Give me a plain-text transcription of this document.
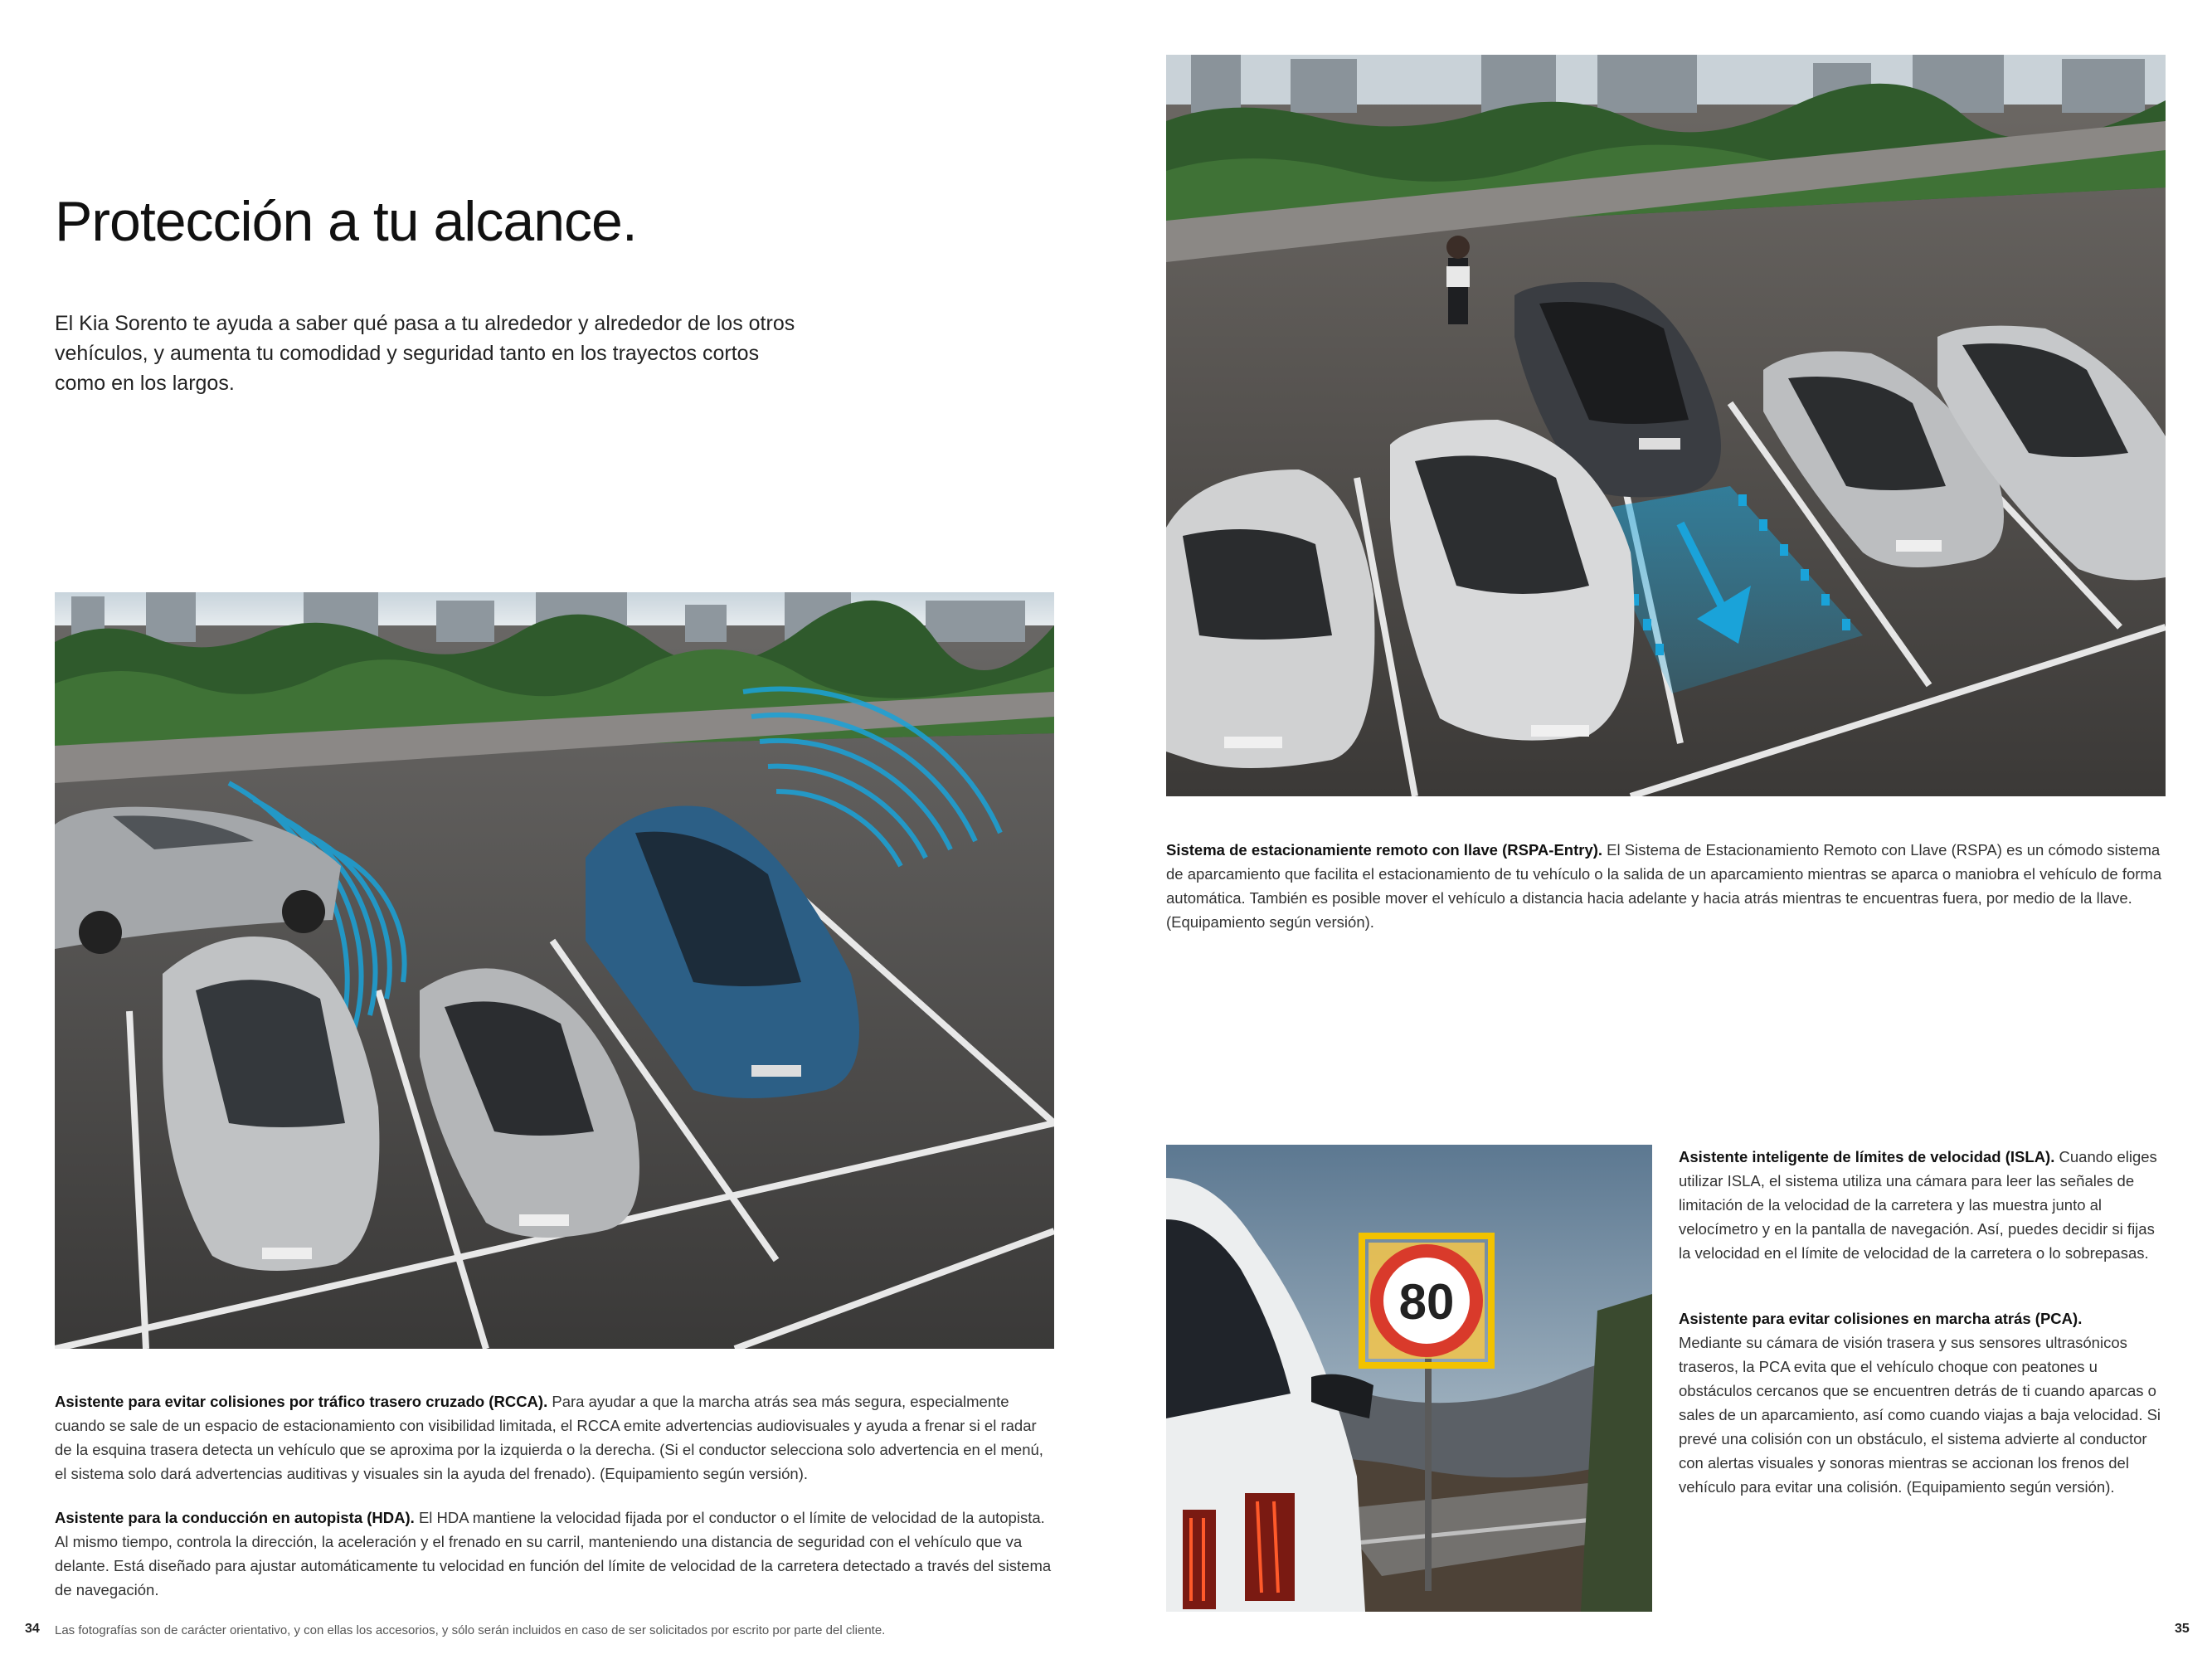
Protección a tu alcance.
El Kia Sorento te ayuda a saber qué pasa a tu alrededor y alrededor de los otros vehículos, y aumenta tu comodidad y seguridad tanto en los trayectos cortos como en los largos.
Asistente para evitar colisiones por tráfico trasero cruzado (RCCA). Para ayudar a que la marcha atrás sea más segura, especialmente cuando se sale de un espacio de estacionamiento con visibilidad limitada, el RCCA emite advertencias audiovisuales y ayuda a frenar si el radar de la esquina trasera detecta un vehículo que se aproxima por la izquierda o la derecha. (Si el conductor selecciona solo advertencia en el menú, el sistema solo dará advertencias auditivas y visuales sin la ayuda del frenado). (Equipamiento según versión).
Asistente para la conducción en autopista (HDA). El HDA mantiene la velocidad fijada por el conductor o el límite de velocidad de la autopista. Al mismo tiempo, controla la dirección, la aceleración y el frenado en su carril, manteniendo una distancia de seguridad con el vehículo que va delante. Está diseñado para ajustar automáticamente tu velocidad en función del límite de velocidad de la carretera detectado a través del sistema de navegación.
34 Las fotografías son de carácter orientativo, y con ellas los accesorios, y sólo serán incluidos en caso de ser solicitados por escrito por parte del cliente.
Sistema de estacionamiente remoto con llave (RSPA-Entry). El Sistema de Estacionamiento Remoto con Llave (RSPA) es un cómodo sistema de aparcamiento que facilita el estacionamiento de tu vehículo o la salida de un aparcamiento mientras se aparca o maniobra el vehículo de forma automática. También es posible mover el vehículo a distancia hacia adelante y hacia atrás mientras te encuentras fuera, por medio de la llave. (Equipamiento según versión).
80
Asistente inteligente de límites de velocidad (ISLA). Cuando eliges utilizar ISLA, el sistema utiliza una cámara para leer las señales de limitación de la velocidad de la carretera y las muestra junto al velocímetro y en la pantalla de navegación. Así, puedes decidir si fijas la velocidad en el límite de velocidad de la carretera o lo sobrepasas.
Asistente para evitar colisiones en marcha atrás (PCA).
Mediante su cámara de visión trasera y sus sensores ultrasónicos traseros, la PCA evita que el vehículo choque con peatones u obstáculos cercanos que se encuentren detrás de ti cuando aparcas o sales de un aparcamiento, así como cuando viajas a baja velocidad. Si prevé una colisión con un obstáculo, el sistema advierte al conductor con alertas visuales y sonoras mientras se accionan los frenos del vehículo para evitar una colisión. (Equipamiento según versión).
35
